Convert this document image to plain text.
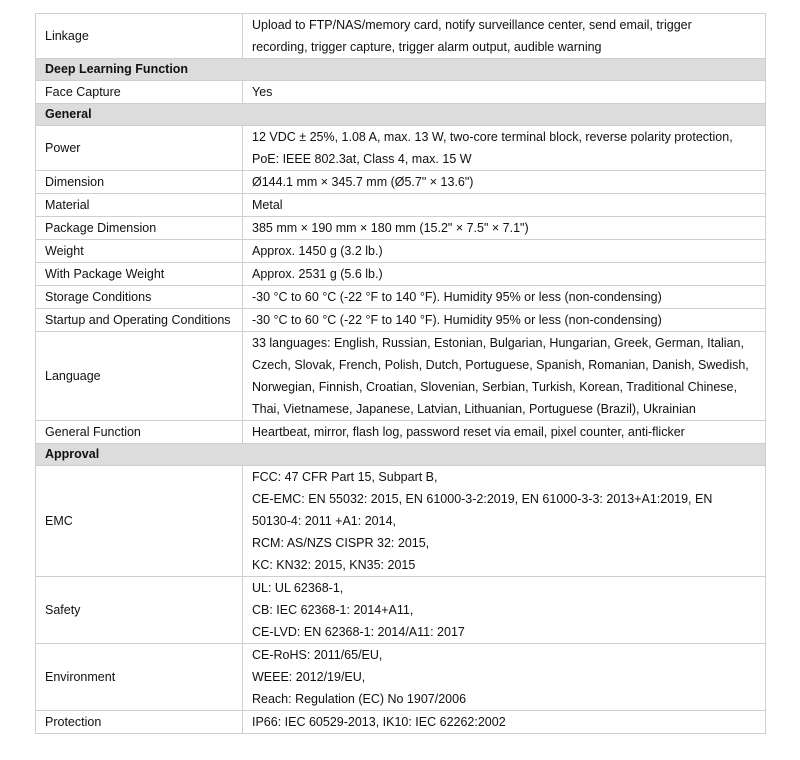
Linkage	Upload to FTP/NAS/memory card, notify surveillance center, send email, trigger
recording, trigger capture, trigger alarm output, audible warning

Deep Learning Function	
Face Capture	Yes

General	
Power	12 VDC ± 25%, 1.08 A, max. 13 W, two-core terminal block, reverse polarity protection,
PoE: IEEE 802.3at, Class 4, max. 15 W

Dimension	Ø144.1 mm × 345.7 mm (Ø5.7" × 13.6")

Material	Metal

Package Dimension	385 mm × 190 mm × 180 mm (15.2" × 7.5" × 7.1")

Weight	Approx. 1450 g (3.2 lb.)

With Package Weight	Approx. 2531 g (5.6 lb.)

Storage Conditions	-30 °C to 60 °C (-22 °F to 140 °F). Humidity 95% or less (non-condensing)

Startup and Operating Conditions	-30 °C to 60 °C (-22 °F to 140 °F). Humidity 95% or less (non-condensing)

Language	33 languages: English, Russian, Estonian, Bulgarian, Hungarian, Greek, German, Italian,
Czech, Slovak, French, Polish, Dutch, Portuguese, Spanish, Romanian, Danish, Swedish,
Norwegian, Finnish, Croatian, Slovenian, Serbian, Turkish, Korean, Traditional Chinese,
Thai, Vietnamese, Japanese, Latvian, Lithuanian, Portuguese (Brazil), Ukrainian

General Function	Heartbeat, mirror, flash log, password reset via email, pixel counter, anti-flicker

Approval	
EMC	FCC: 47 CFR Part 15, Subpart B,
CE-EMC: EN 55032: 2015, EN 61000-3-2:2019, EN 61000-3-3: 2013+A1:2019, EN
50130-4: 2011 +A1: 2014,
RCM: AS/NZS CISPR 32: 2015,
KC: KN32: 2015, KN35: 2015

Safety	UL: UL 62368-1,
CB: IEC 62368-1: 2014+A11,
CE-LVD: EN 62368-1: 2014/A11: 2017

Environment	CE-RoHS: 2011/65/EU,
WEEE: 2012/19/EU,
Reach: Regulation (EC) No 1907/2006

Protection	IP66: IEC 60529-2013, IK10: IEC 62262:2002
